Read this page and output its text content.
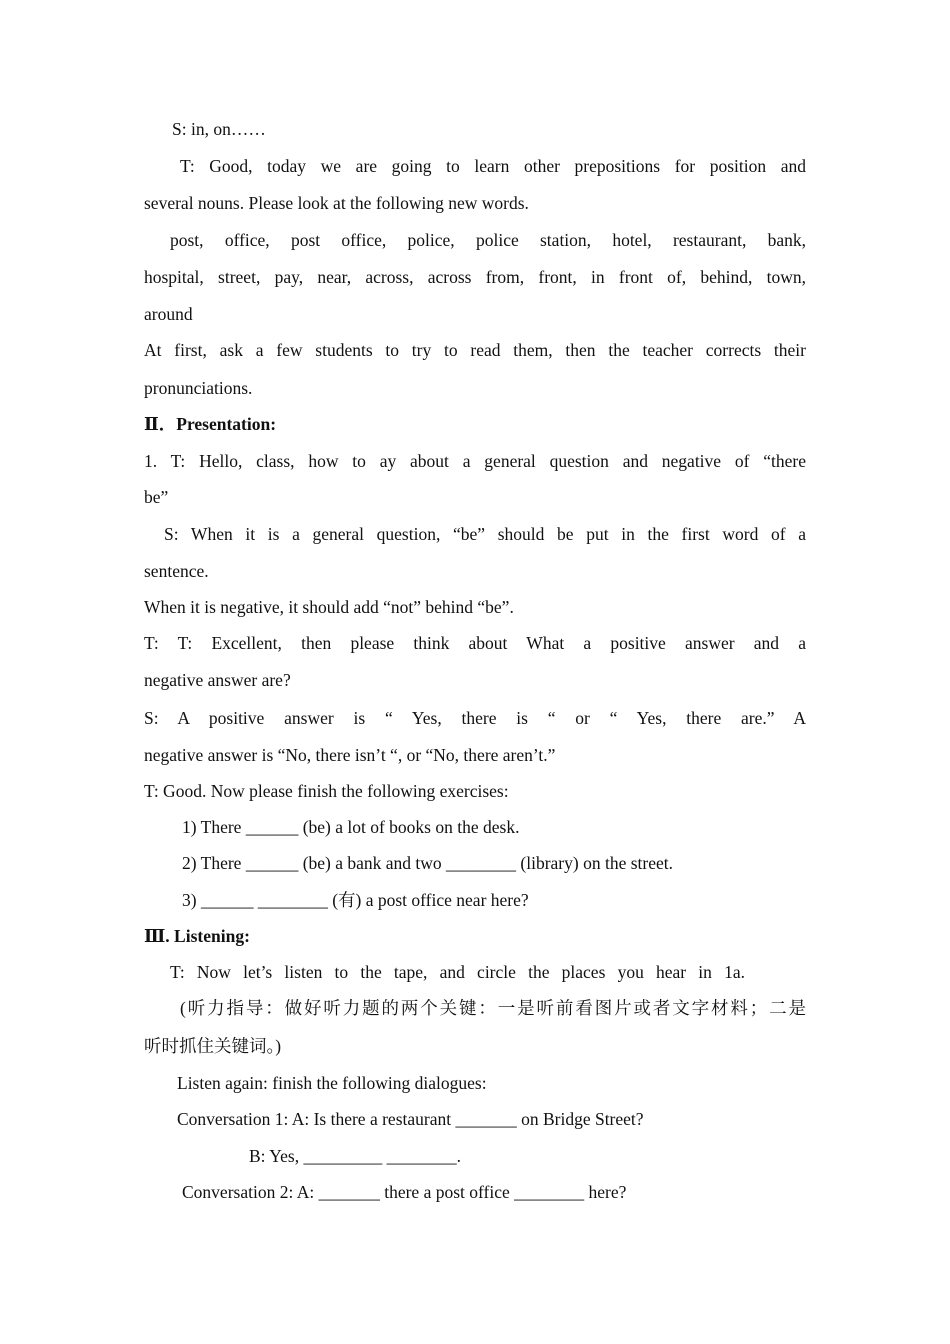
S: in, on……
T: Good, today we are going to learn other prepositions for position and
several nouns. Please look at the following new words.
post, office, post office, police, police station, hotel, restaurant, bank,
hospital, street, pay, near, across, across from, front, in front of, behind, town,
around
At first, ask a few students to try to read them, then the teacher corrects their
pronunciations.
Ⅱ．Presentation:
1. T: Hello, class, how to ay about a general question and negative of “there
be”
S: When it is a general question, “be” should be put in the first word of a
sentence.
When it is negative, it should add “not” behind “be”.
T: T: Excellent, then please think about What a positive answer and a
negative answer are?
S: A positive answer is “ Yes, there is “ or “ Yes, there are.” A
negative answer is “No, there isn’t “, or “No, there aren’t.”
T: Good. Now please finish the following exercises:
1) There ______ (be) a lot of books on the desk.
2) There ______ (be) a bank and two ________ (library) on the street.
3) ______ ________ (有) a post office near here?
Ⅲ. Listening:
T: Now let’s listen to the tape, and circle the places you hear in 1a.
(听力指导：做好听力题的两个关键：一是听前看图片或者文字材料；二是
听时抓住关键词。)
Listen again: finish the following dialogues:
Conversation 1: A: Is there a restaurant _______ on Bridge Street?
B: Yes, _________ ________.
Conversation 2: A: _______ there a post office ________ here?
